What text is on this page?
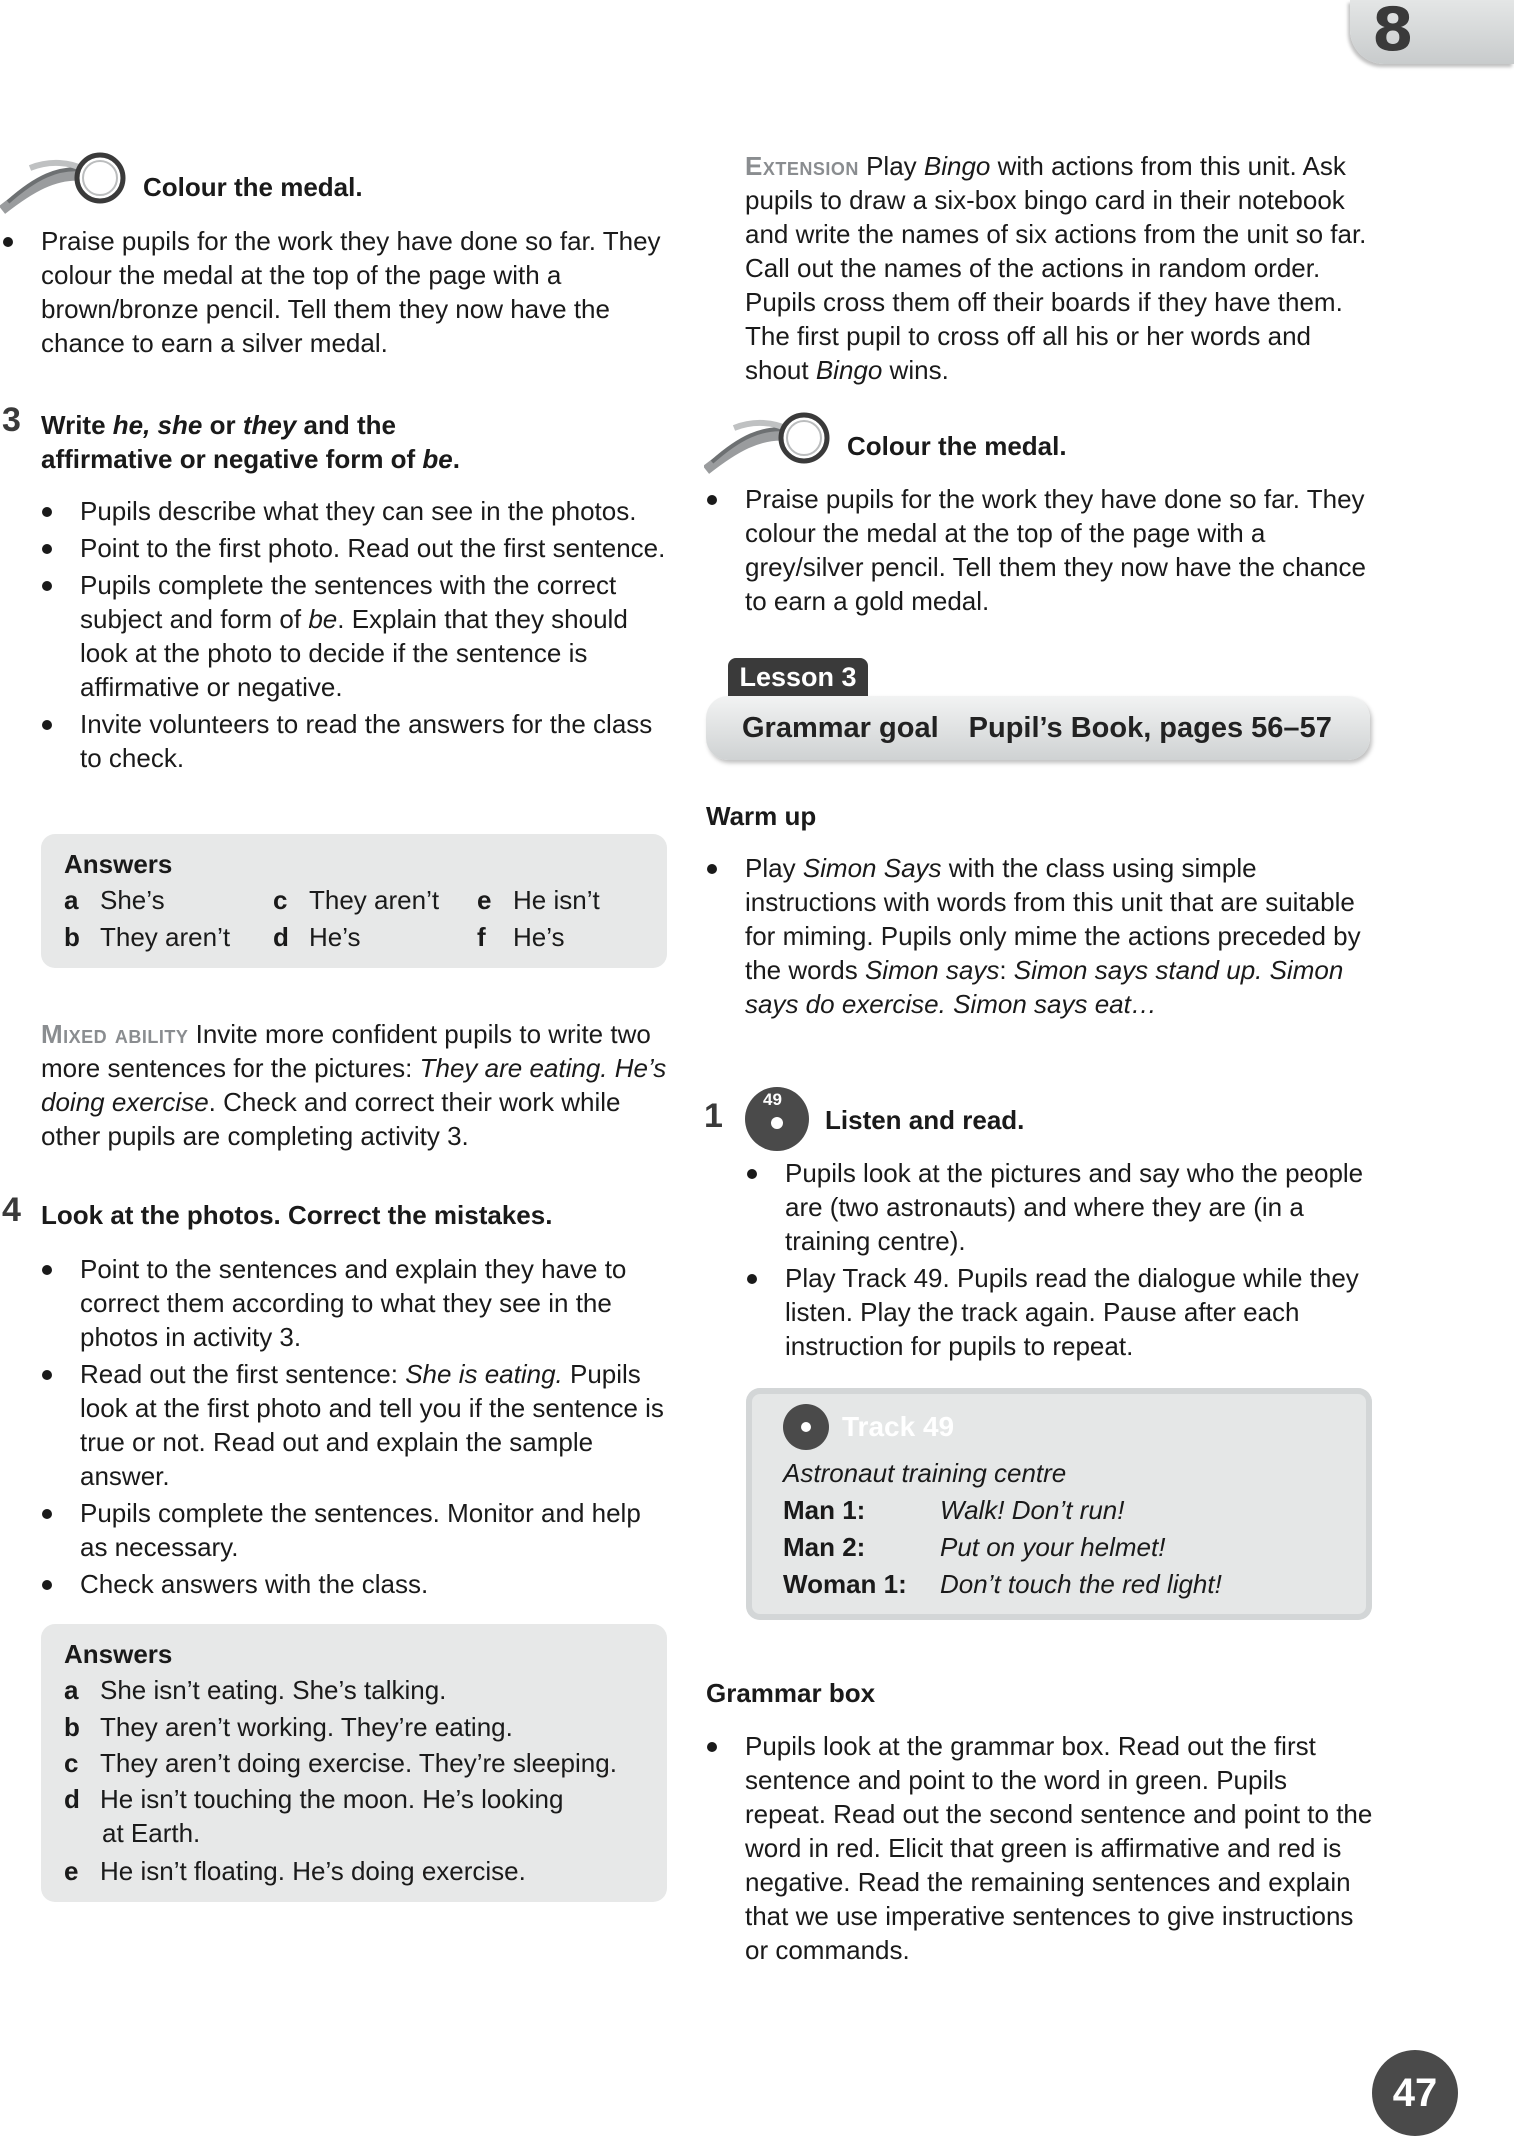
8
Colour the medal.
Praise pupils for the work they have done so far. They colour the medal at the top of the page with a brown/bronze pencil. Tell them they now have the chance to earn a silver medal.
3 Write he, she or they and the
affirmative or negative form of be.
Pupils describe what they can see in the photos.
Point to the first photo. Read out the first sentence.
Pupils complete the sentences with the correct subject and form of be. Explain that they should look at the photo to decide if the sentence is affirmative or negative.
Invite volunteers to read the answers for the class to check.
Answers
a She’s	c They aren’t e He isn’t
b They aren’t d He’s	f He’s
Mixed ability Invite more confident pupils to write two more sentences for the pictures: They are eating. He’s doing exercise. Check and correct their work while other pupils are completing activity 3.
4 Look at the photos. Correct the mistakes.
Point to the sentences and explain they have to correct them according to what they see in the photos in activity 3.
Read out the first sentence: She is eating. Pupils look at the first photo and tell you if the sentence is true or not. Read out and explain the sample answer.
Pupils complete the sentences. Monitor and help as necessary.
Check answers with the class.
Answers
a She isn’t eating. She’s talking.
b They aren’t working. They’re eating.
c They aren’t doing exercise. They’re sleeping.
d He isn’t touching the moon. He’s looking
at Earth.
e He isn’t floating. He’s doing exercise.
Extension Play Bingo with actions from this unit. Ask pupils to draw a six-box bingo card in their notebook and write the names of six actions from the unit so far. Call out the names of the actions in random order. Pupils cross them off their boards if they have them. The first pupil to cross off all his or her words and shout Bingo wins.
Colour the medal.
Praise pupils for the work they have done so far. They colour the medal at the top of the page with a grey/silver pencil. Tell them they now have the chance to earn a gold medal.
Lesson 3
Grammar goal Pupil’s Book, pages 56–57
Warm up
Play Simon Says with the class using simple instructions with words from this unit that are suitable for miming. Pupils only mime the actions preceded by the words Simon says: Simon says stand up. Simon says do exercise. Simon says eat…
1 49
Listen and read.
Pupils look at the pictures and say who the people are (two astronauts) and where they are (in a training centre).
Play Track 49. Pupils read the dialogue while they listen. Play the track again. Pause after each instruction for pupils to repeat.
Track 49
Astronaut training centre
Man 1:	Walk! Don’t run!
Man 2:	Put on your helmet!
Woman 1: Don’t touch the red light!
Grammar box
Pupils look at the grammar box. Read out the first sentence and point to the word in green. Pupils repeat. Read out the second sentence and point to the word in red. Elicit that green is affirmative and red is negative. Read the remaining sentences and explain that we use imperative sentences to give instructions or commands.
47
